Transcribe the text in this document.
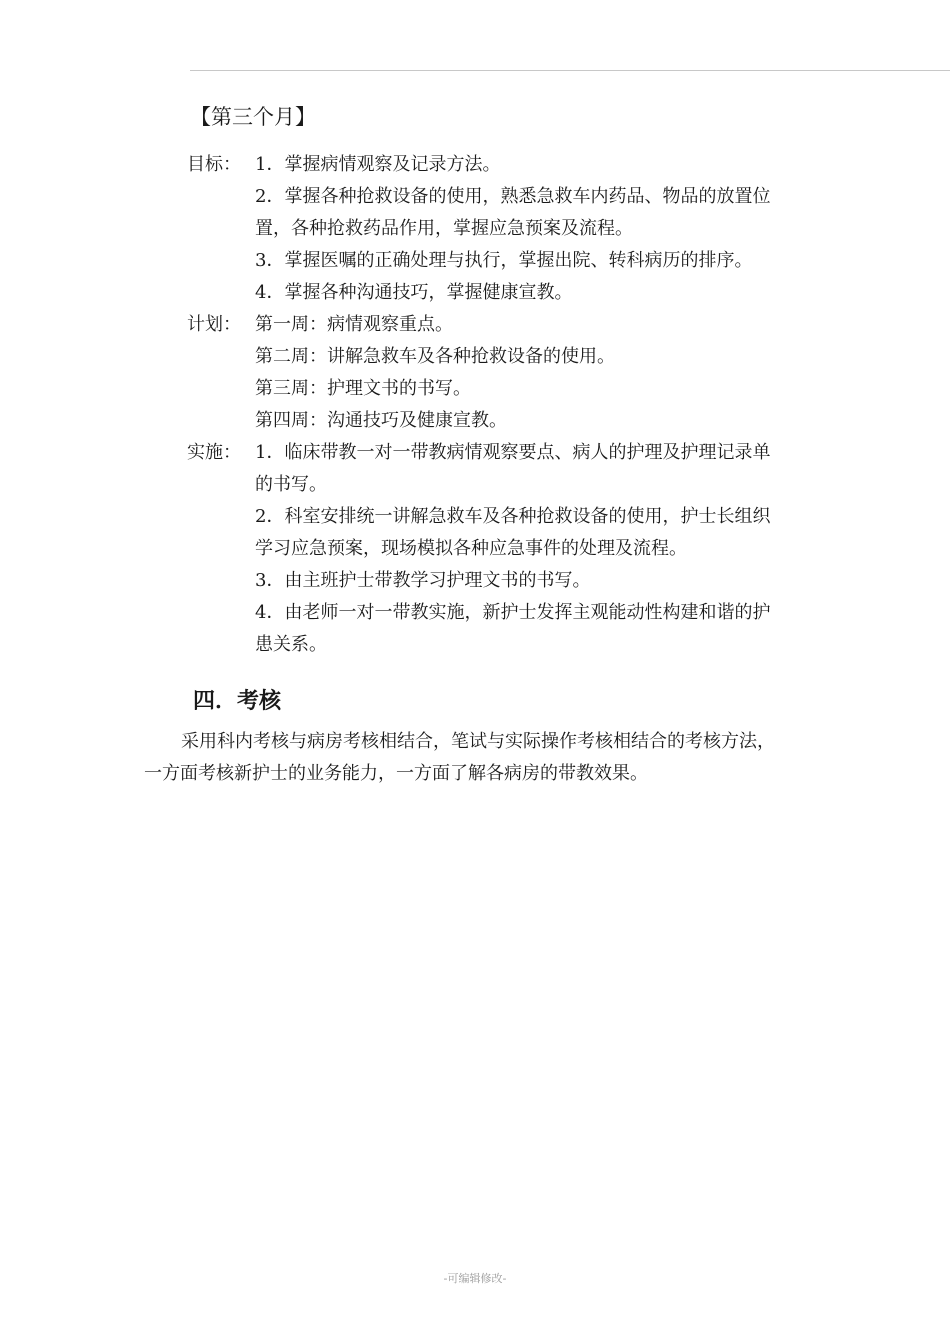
【第三个月】
目标： 1．掌握病情观察及记录方法。
2．掌握各种抢救设备的使用，熟悉急救车内药品、物品的放置位
置，各种抢救药品作用，掌握应急预案及流程。
3．掌握医嘱的正确处理与执行，掌握出院、转科病历的排序。
4．掌握各种沟通技巧，掌握健康宣教。
计划： 第一周：病情观察重点。
第二周：讲解急救车及各种抢救设备的使用。
第三周：护理文书的书写。
第四周：沟通技巧及健康宣教。
实施： 1．临床带教一对一带教病情观察要点、病人的护理及护理记录单
的书写。
2．科室安排统一讲解急救车及各种抢救设备的使用，护士长组织
学习应急预案，现场模拟各种应急事件的处理及流程。
3．由主班护士带教学习护理文书的书写。
4．由老师一对一带教实施，新护士发挥主观能动性构建和谐的护
患关系。
四．考核
采用科内考核与病房考核相结合，笔试与实际操作考核相结合的考核方法，
一方面考核新护士的业务能力，一方面了解各病房的带教效果。
-可编辑修改-
